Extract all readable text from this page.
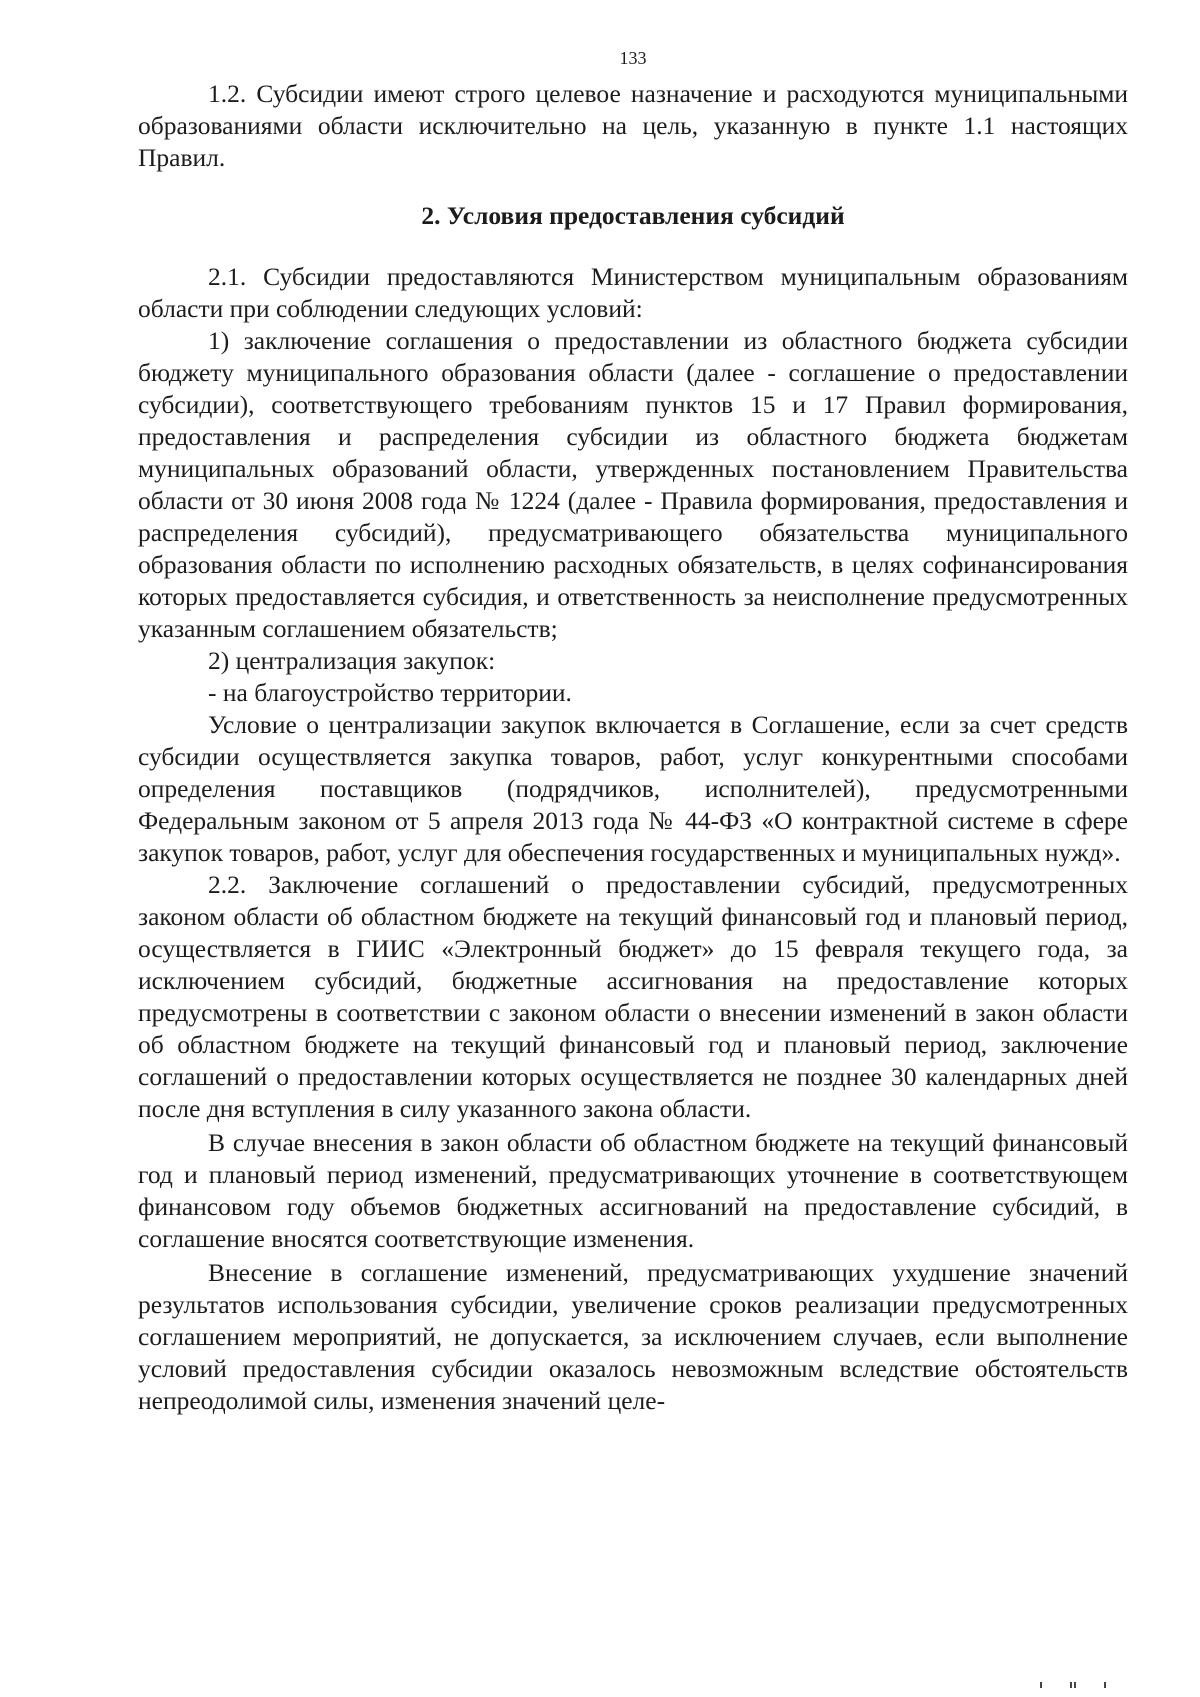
133

1.2. Субсидии имеют строго целевое назначение и расходуются муниципальными образованиями области исключительно на цель, указанную в пункте 1.1 настоящих Правил.

2. Условия предоставления субсидий

2.1. Субсидии предоставляются Министерством муниципальным образованиям области при соблюдении следующих условий:

1) заключение соглашения о предоставлении из областного бюджета субсидии бюджету муниципального образования области (далее - соглашение о предоставлении субсидии), соответствующего требованиям пунктов 15 и 17 Правил формирования, предоставления и распределения субсидии из областного бюджета бюджетам муниципальных образований области, утвержденных постановлением Правительства области от 30 июня 2008 года № 1224 (далее - Правила формирования, предоставления и распределения субсидий), предусматривающего обязательства муниципального образования области по исполнению расходных обязательств, в целях софинансирования которых предоставляется субсидия, и ответственность за неисполнение предусмотренных указанным соглашением обязательств;

2) централизация закупок:

- на благоустройство территории.

Условие о централизации закупок включается в Соглашение, если за счет средств субсидии осуществляется закупка товаров, работ, услуг конкурентными способами определения поставщиков (подрядчиков, исполнителей), предусмотренными Федеральным законом от 5 апреля 2013 года № 44-ФЗ «О контрактной системе в сфере закупок товаров, работ, услуг для обеспечения государственных и муниципальных нужд».

2.2. Заключение соглашений о предоставлении субсидий, предусмотренных законом области об областном бюджете на текущий финансовый год и плановый период, осуществляется в ГИИС «Электронный бюджет» до 15 февраля текущего года, за исключением субсидий, бюджетные ассигнования на предоставление которых предусмотрены в соответствии с законом области о внесении изменений в закон области об областном бюджете на текущий финансовый год и плановый период, заключение соглашений о предоставлении которых осуществляется не позднее 30 календарных дней после дня вступления в силу указанного закона области.

В случае внесения в закон области об областном бюджете на текущий финансовый год и плановый период изменений, предусматривающих уточнение в соответствующем финансовом году объемов бюджетных ассигнований на предоставление субсидий, в соглашение вносятся соответствующие изменения.

Внесение в соглашение изменений, предусматривающих ухудшение значений результатов использования субсидии, увеличение сроков реализации предусмотренных соглашением мероприятий, не допускается, за исключением случаев, если выполнение условий предоставления субсидии оказалось невозможным вследствие обстоятельств непреодолимой силы, изменения значений целе-
